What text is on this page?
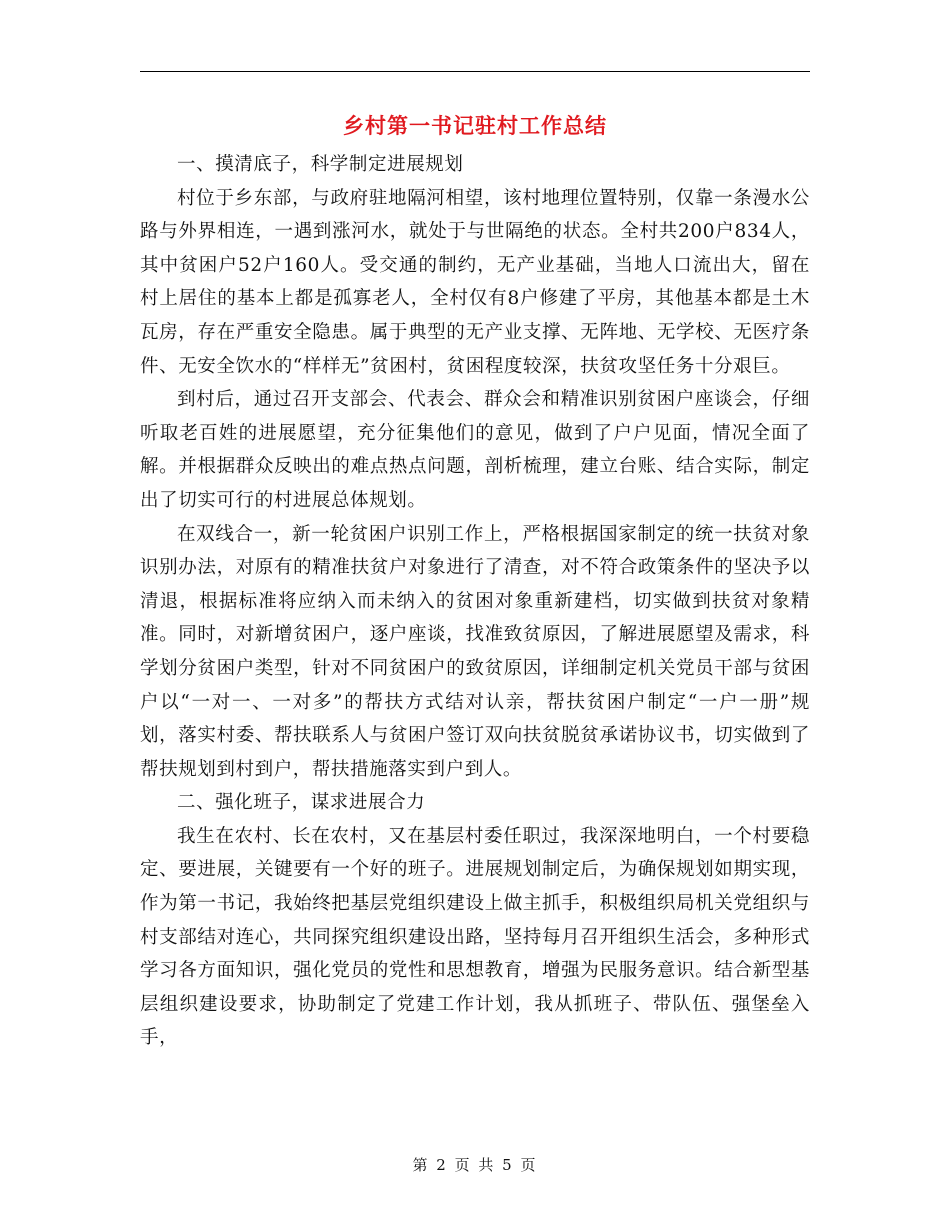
乡村第一书记驻村工作总结

一、摸清底子，科学制定进展规划

村位于乡东部，与政府驻地隔河相望，该村地理位置特别，仅靠一条漫水公路与外界相连，一遇到涨河水，就处于与世隔绝的状态。全村共200户834人，其中贫困户52户160人。受交通的制约，无产业基础，当地人口流出大，留在村上居住的基本上都是孤寡老人，全村仅有8户修建了平房，其他基本都是土木瓦房，存在严重安全隐患。属于典型的无产业支撑、无阵地、无学校、无医疗条件、无安全饮水的“样样无”贫困村，贫困程度较深，扶贫攻坚任务十分艰巨。

到村后，通过召开支部会、代表会、群众会和精准识别贫困户座谈会，仔细听取老百姓的进展愿望，充分征集他们的意见，做到了户户见面，情况全面了解。并根据群众反映出的难点热点问题，剖析梳理，建立台账、结合实际，制定出了切实可行的村进展总体规划。

在双线合一，新一轮贫困户识别工作上，严格根据国家制定的统一扶贫对象识别办法，对原有的精准扶贫户对象进行了清查，对不符合政策条件的坚决予以清退，根据标准将应纳入而未纳入的贫困对象重新建档，切实做到扶贫对象精准。同时，对新增贫困户，逐户座谈，找准致贫原因，了解进展愿望及需求，科学划分贫困户类型，针对不同贫困户的致贫原因，详细制定机关党员干部与贫困户以“一对一、一对多”的帮扶方式结对认亲，帮扶贫困户制定“一户一册”规划，落实村委、帮扶联系人与贫困户签订双向扶贫脱贫承诺协议书，切实做到了帮扶规划到村到户，帮扶措施落实到户到人。

二、强化班子，谋求进展合力

我生在农村、长在农村，又在基层村委任职过，我深深地明白，一个村要稳定、要进展，关键要有一个好的班子。进展规划制定后，为确保规划如期实现，作为第一书记，我始终把基层党组织建设上做主抓手，积极组织局机关党组织与村支部结对连心，共同探究组织建设出路，坚持每月召开组织生活会，多种形式学习各方面知识，强化党员的党性和思想教育，增强为民服务意识。结合新型基层组织建设要求，协助制定了党建工作计划，我从抓班子、带队伍、强堡垒入手，

第 2 页 共 5 页
